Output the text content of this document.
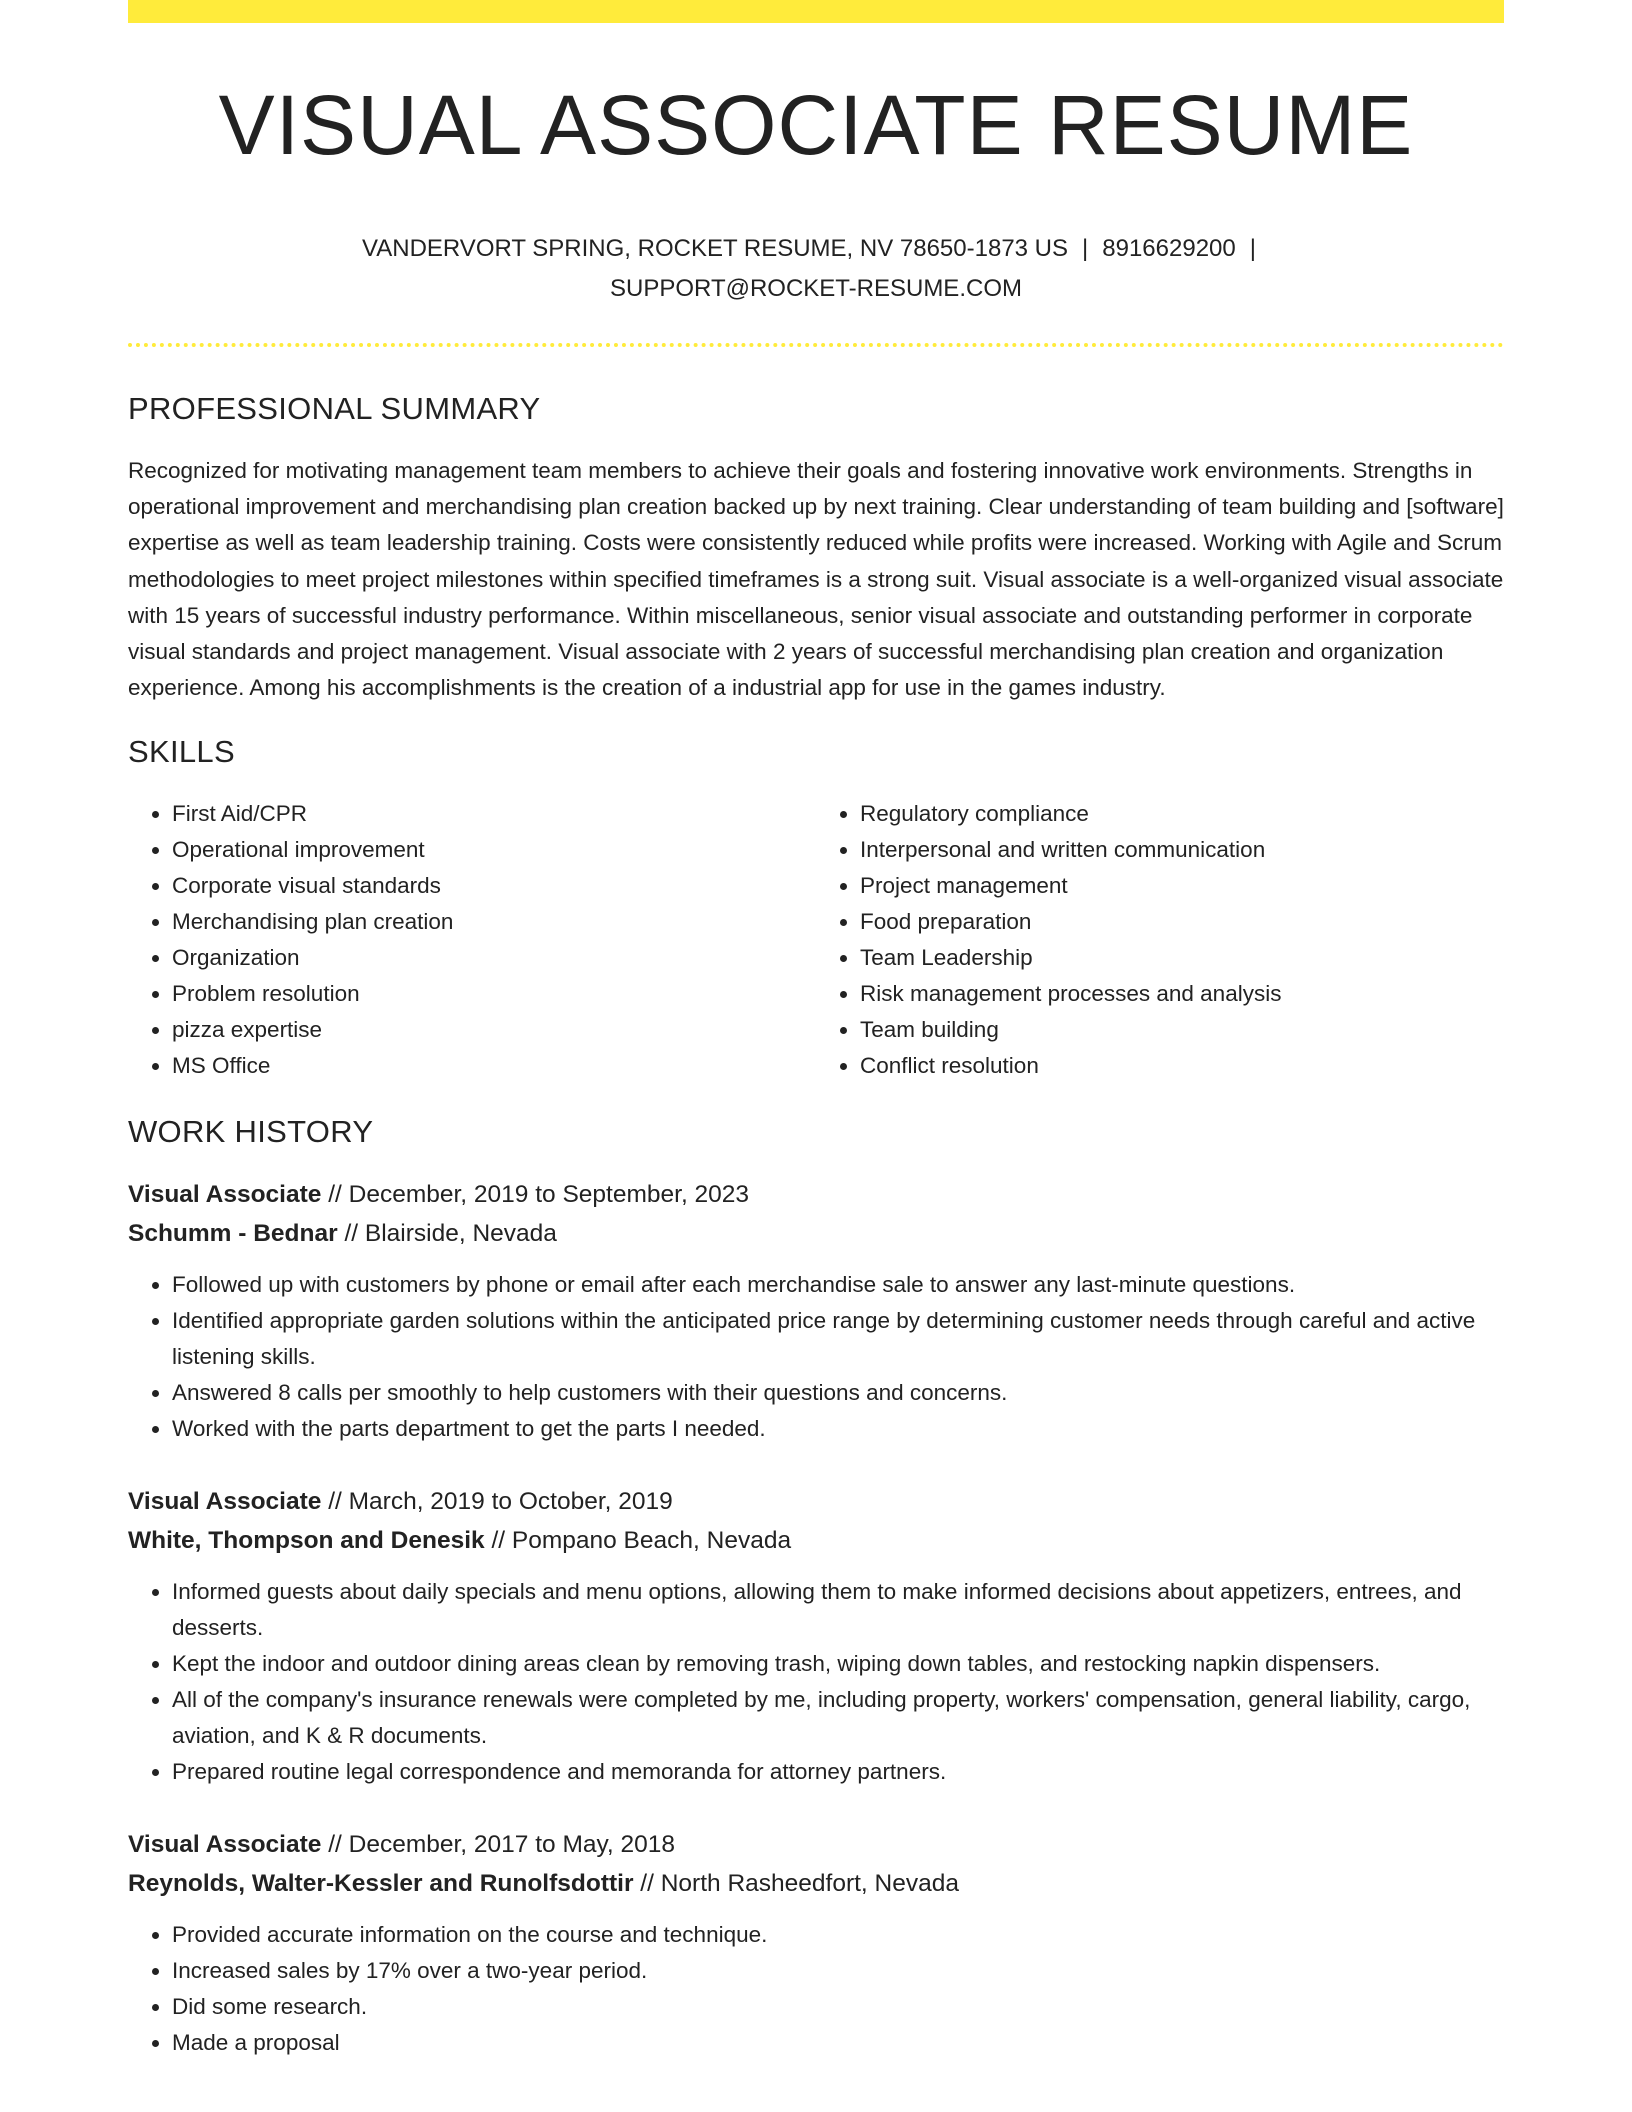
VISUAL ASSOCIATE RESUME
VANDERVORT SPRING, ROCKET RESUME, NV 78650-1873 US | 8916629200 |
SUPPORT@ROCKET-RESUME.COM
PROFESSIONAL SUMMARY

Recognized for motivating management team members to achieve their goals and fostering innovative work environments. Strengths in operational improvement and merchandising plan creation backed up by next training. Clear understanding of team building and [software] expertise as well as team leadership training. Costs were consistently reduced while profits were increased. Working with Agile and Scrum methodologies to meet project milestones within specified timeframes is a strong suit. Visual associate is a well-organized visual associate with 15 years of successful industry performance. Within miscellaneous, senior visual associate and outstanding performer in corporate visual standards and project management. Visual associate with 2 years of successful merchandising plan creation and organization experience. Among his accomplishments is the creation of a industrial app for use in the games industry.

SKILLS
• First Aid/CPR
• Operational improvement
• Corporate visual standards
• Merchandising plan creation
• Organization
• Problem resolution
• pizza expertise
• MS Office
• Regulatory compliance
• Interpersonal and written communication
• Project management
• Food preparation
• Team Leadership
• Risk management processes and analysis
• Team building
• Conflict resolution
WORK HISTORY
Visual Associate // December, 2019 to September, 2023
Schumm - Bednar // Blairside, Nevada
• Followed up with customers by phone or email after each merchandise sale to answer any last-minute questions.
• Identified appropriate garden solutions within the anticipated price range by determining customer needs through careful and active listening skills.
• Answered 8 calls per smoothly to help customers with their questions and concerns.
• Worked with the parts department to get the parts I needed.
Visual Associate // March, 2019 to October, 2019
White, Thompson and Denesik // Pompano Beach, Nevada
• Informed guests about daily specials and menu options, allowing them to make informed decisions about appetizers, entrees, and desserts.
• Kept the indoor and outdoor dining areas clean by removing trash, wiping down tables, and restocking napkin dispensers.
• All of the company's insurance renewals were completed by me, including property, workers' compensation, general liability, cargo, aviation, and K & R documents.
• Prepared routine legal correspondence and memoranda for attorney partners.
Visual Associate // December, 2017 to May, 2018
Reynolds, Walter-Kessler and Runolfsdottir // North Rasheedfort, Nevada
• Provided accurate information on the course and technique.
• Increased sales by 17% over a two-year period.
• Did some research.
• Made a proposal
